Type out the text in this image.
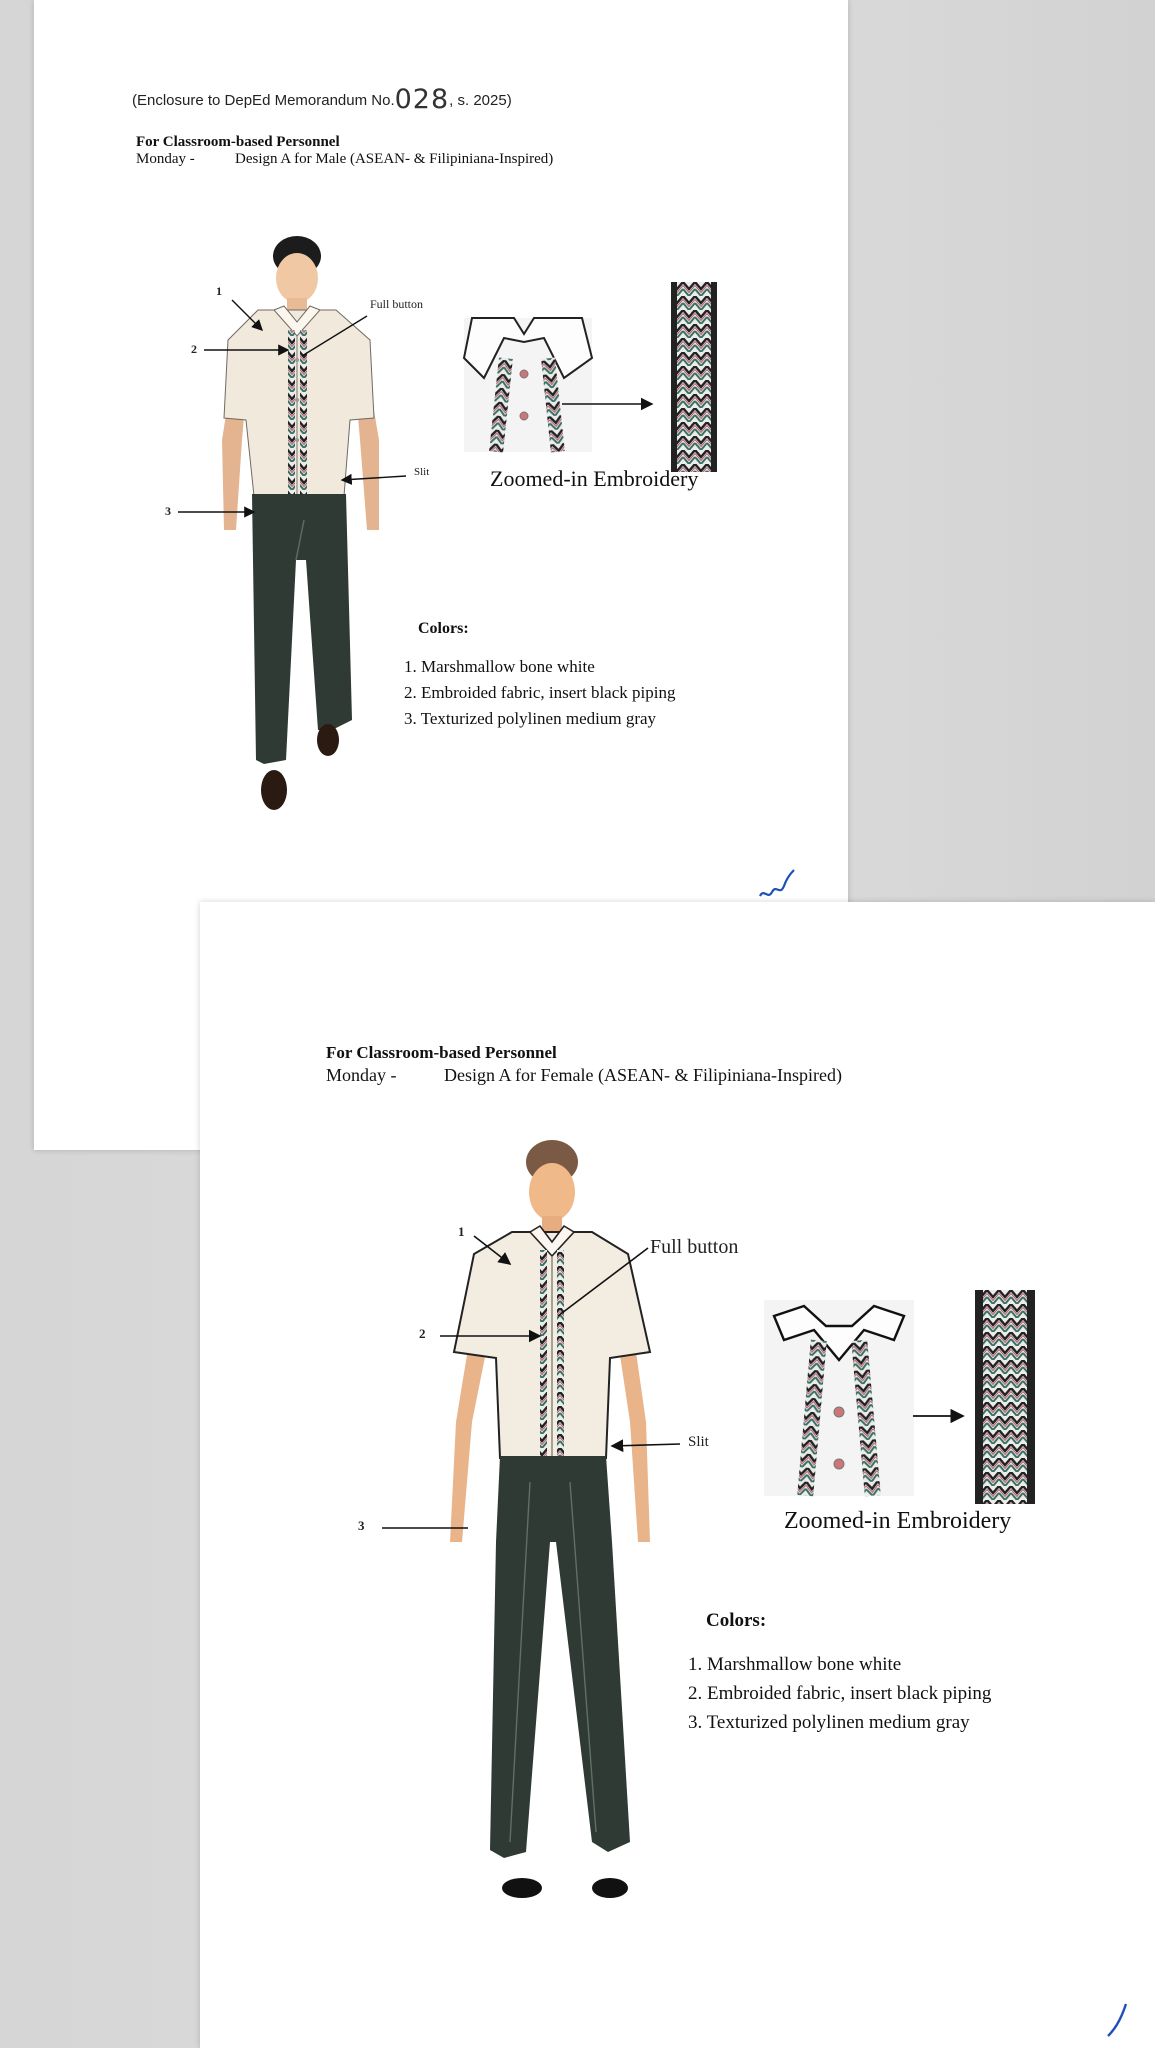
(Enclosure to DepEd Memorandum No.028, s. 2025)
For Classroom-based Personnel
Monday -	Design A for Male (ASEAN- & Filipiniana-Inspired)
1
2
3
Full button
Slit	Zoomed-in Embroidery
Colors:
1. Marshmallow bone white
2. Embroided fabric, insert black piping
3. Texturized polylinen medium gray
For Classroom-based Personnel
Monday -	Design A for Female (ASEAN- & Filipiniana-Inspired)
1
2
3
Full button
Slit
Zoomed-in Embroidery
Colors:
1. Marshmallow bone white
2. Embroided fabric, insert black piping
3. Texturized polylinen medium gray
